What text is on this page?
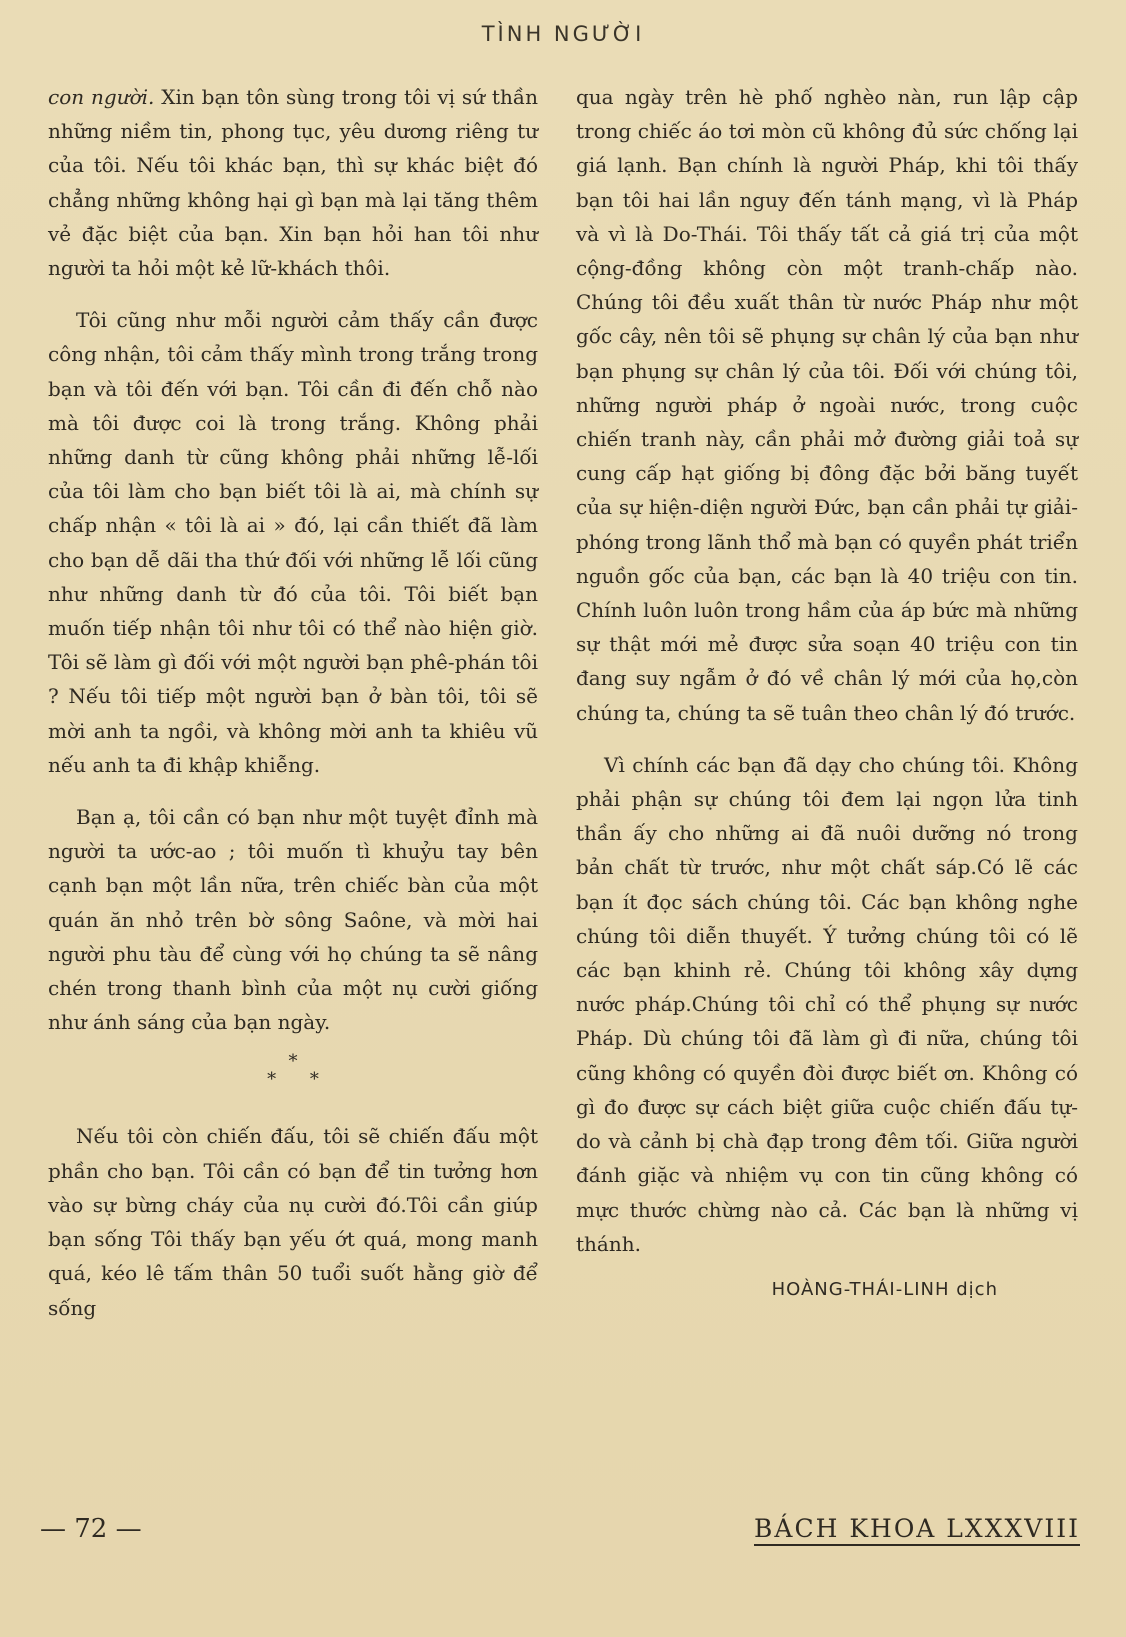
TÌNH NGƯỜI

con người. Xin bạn tôn sùng trong tôi vị sứ thần những niềm tin, phong tục, yêu dương riêng tư của tôi. Nếu tôi khác bạn, thì sự khác biệt đó chẳng những không hại gì bạn mà lại tăng thêm vẻ đặc biệt của bạn. Xin bạn hỏi han tôi như người ta hỏi một kẻ lữ-khách thôi.

Tôi cũng như mỗi người cảm thấy cần được công nhận, tôi cảm thấy mình trong trắng trong bạn và tôi đến với bạn. Tôi cần đi đến chỗ nào mà tôi được coi là trong trắng. Không phải những danh từ cũng không phải những lễ-lối của tôi làm cho bạn biết tôi là ai, mà chính sự chấp nhận « tôi là ai » đó, lại cần thiết đã làm cho bạn dễ dãi tha thứ đối với những lễ lối cũng như những danh từ đó của tôi. Tôi biết bạn muốn tiếp nhận tôi như tôi có thể nào hiện giờ. Tôi sẽ làm gì đối với một người bạn phê-phán tôi ? Nếu tôi tiếp một người bạn ở bàn tôi, tôi sẽ mời anh ta ngồi, và không mời anh ta khiêu vũ nếu anh ta đi khập khiễng.

Bạn ạ, tôi cần có bạn như một tuyệt đỉnh mà người ta ước-ao ; tôi muốn tì khuỷu tay bên cạnh bạn một lần nữa, trên chiếc bàn của một quán ăn nhỏ trên bờ sông Saône, và mời hai người phu tàu để cùng với họ chúng ta sẽ nâng chén trong thanh bình của một nụ cười giống như ánh sáng của bạn ngày.

*
* *

Nếu tôi còn chiến đấu, tôi sẽ chiến đấu một phần cho bạn. Tôi cần có bạn để tin tưởng hơn vào sự bừng cháy của nụ cười đó.Tôi cần giúp bạn sống Tôi thấy bạn yếu ớt quá, mong manh quá, kéo lê tấm thân 50 tuổi suốt hằng giờ để sống

qua ngày trên hè phố nghèo nàn, run lập cập trong chiếc áo tơi mòn cũ không đủ sức chống lại giá lạnh. Bạn chính là người Pháp, khi tôi thấy bạn tôi hai lần nguy đến tánh mạng, vì là Pháp và vì là Do-Thái. Tôi thấy tất cả giá trị của một cộng-đồng không còn một tranh-chấp nào. Chúng tôi đều xuất thân từ nước Pháp như một gốc cây, nên tôi sẽ phụng sự chân lý của bạn như bạn phụng sự chân lý của tôi. Đối với chúng tôi, những người pháp ở ngoài nước, trong cuộc chiến tranh này, cần phải mở đường giải toả sự cung cấp hạt giống bị đông đặc bởi băng tuyết của sự hiện-diện người Đức, bạn cần phải tự giải- phóng trong lãnh thổ mà bạn có quyền phát triển nguồn gốc của bạn, các bạn là 40 triệu con tin. Chính luôn luôn trong hầm của áp bức mà những sự thật mới mẻ được sửa soạn 40 triệu con tin đang suy ngẫm ở đó về chân lý mới của họ,còn chúng ta, chúng ta sẽ tuân theo chân lý đó trước.

Vì chính các bạn đã dạy cho chúng tôi. Không phải phận sự chúng tôi đem lại ngọn lửa tinh thần ấy cho những ai đã nuôi dưỡng nó trong bản chất từ trước, như một chất sáp.Có lẽ các bạn ít đọc sách chúng tôi. Các bạn không nghe chúng tôi diễn thuyết. Ý tưởng chúng tôi có lẽ các bạn khinh rẻ. Chúng tôi không xây dựng nước pháp.Chúng tôi chỉ có thể phụng sự nước Pháp. Dù chúng tôi đã làm gì đi nữa, chúng tôi cũng không có quyền đòi được biết ơn. Không có gì đo được sự cách biệt giữa cuộc chiến đấu tự-do và cảnh bị chà đạp trong đêm tối. Giữa người đánh giặc và nhiệm vụ con tin cũng không có mực thước chừng nào cả. Các bạn là những vị thánh.

HOÀNG-THÁI-LINH dịch
— 72 —	BÁCH KHOA LXXXVIII
